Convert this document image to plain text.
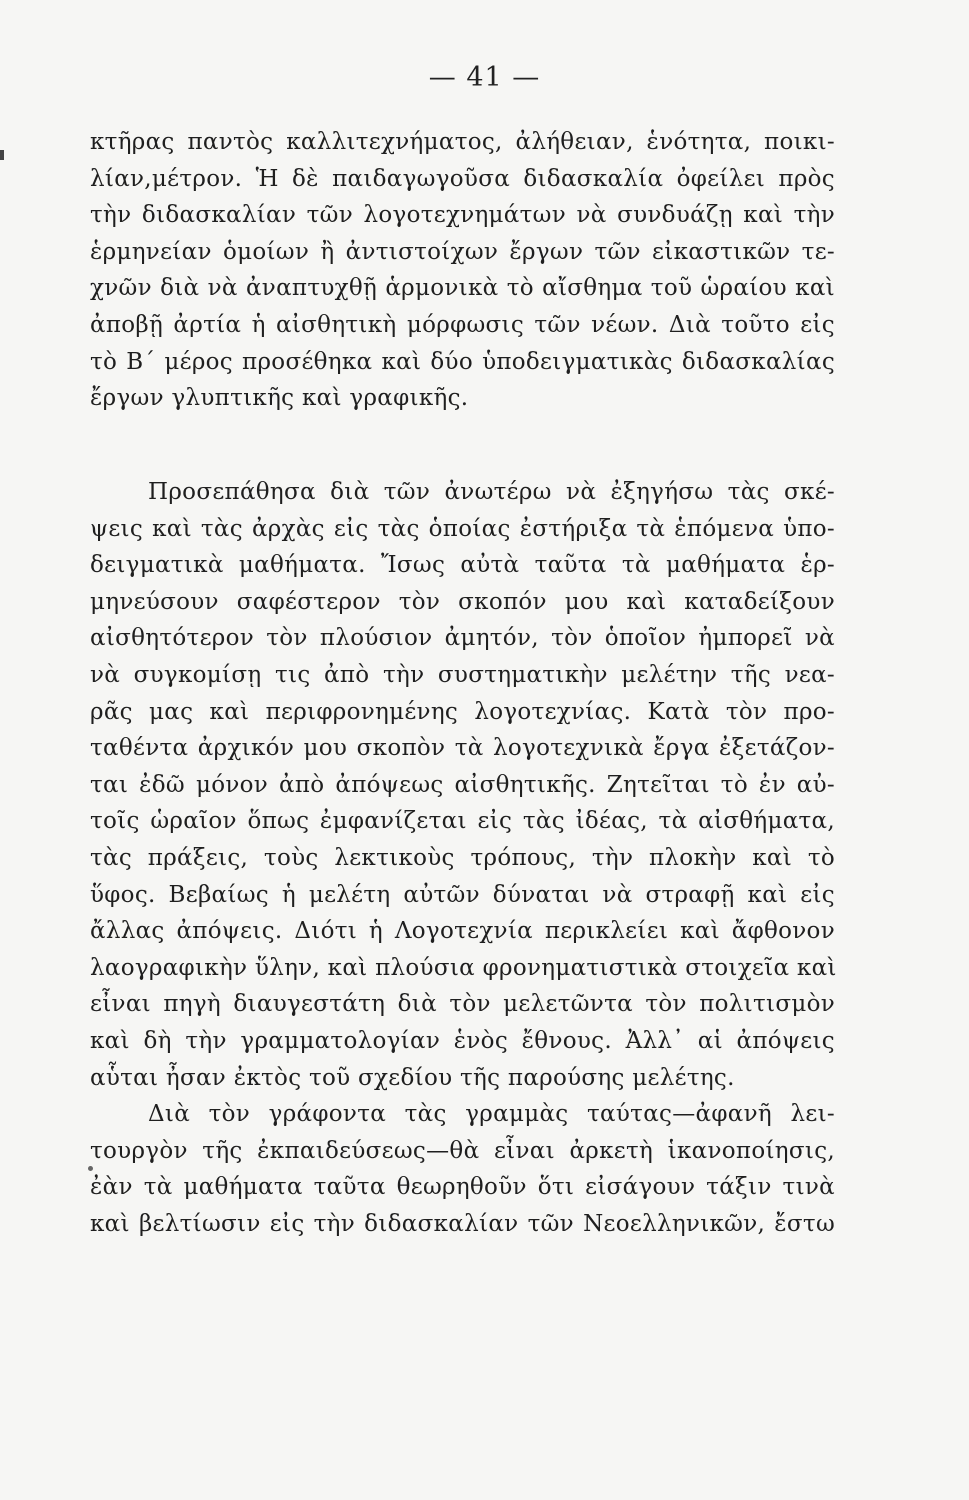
— 41 —
κτῆρας παντὸς καλλιτεχνήματος, ἀλήθειαν, ἑνότητα, ποικι-
λίαν,μέτρον. Ἡ δὲ παιδαγωγοῦσα διδασκαλία ὀφείλει πρὸς
τὴν διδασκαλίαν τῶν λογοτεχνημάτων νὰ συνδυάζῃ καὶ τὴν
ἑρμηνείαν ὁμοίων ἢ ἀντιστοίχων ἔργων τῶν εἰκαστικῶν τε-
χνῶν διὰ νὰ ἀναπτυχθῇ ἁρμονικὰ τὸ αἴσθημα τοῦ ὡραίου καὶ
ἀποβῇ ἀρτία ἡ αἰσθητικὴ μόρφωσις τῶν νέων. Διὰ τοῦτο εἰς
τὸ Β΄ μέρος προσέθηκα καὶ δύο ὑποδειγματικὰς διδασκαλίας
ἔργων γλυπτικῆς καὶ γραφικῆς.
Προσεπάθησα διὰ τῶν ἀνωτέρω νὰ ἐξηγήσω τὰς σκέ-
ψεις καὶ τὰς ἀρχὰς εἰς τὰς ὁποίας ἐστήριξα τὰ ἑπόμενα ὑπο-
δειγματικὰ μαθήματα. Ἴσως αὐτὰ ταῦτα τὰ μαθήματα ἑρ-
μηνεύσουν σαφέστερον τὸν σκοπόν μου καὶ καταδείξουν
αἰσθητότερον τὸν πλούσιον ἀμητόν, τὸν ὁποῖον ἠμπορεῖ νὰ
νὰ συγκομίσῃ τις ἀπὸ τὴν συστηματικὴν μελέτην τῆς νεα-
ρᾶς μας καὶ περιφρονημένης λογοτεχνίας. Κατὰ τὸν προ-
ταθέντα ἀρχικόν μου σκοπὸν τὰ λογοτεχνικὰ ἔργα ἐξετάζον-
ται ἐδῶ μόνον ἀπὸ ἀπόψεως αἰσθητικῆς. Ζητεῖται τὸ ἐν αὐ-
τοῖς ὡραῖον ὅπως ἐμφανίζεται εἰς τὰς ἰδέας, τὰ αἰσθήματα,
τὰς πράξεις, τοὺς λεκτικοὺς τρόπους, τὴν πλοκὴν καὶ τὸ
ὕφος. Βεβαίως ἡ μελέτη αὐτῶν δύναται νὰ στραφῇ καὶ εἰς
ἄλλας ἀπόψεις. Διότι ἡ Λογοτεχνία περικλείει καὶ ἄφθονον
λαογραφικὴν ὕλην, καὶ πλούσια φρονηματιστικὰ στοιχεῖα καὶ
εἶναι πηγὴ διαυγεστάτη διὰ τὸν μελετῶντα τὸν πολιτισμὸν
καὶ δὴ τὴν γραμματολογίαν ἑνὸς ἔθνους. Ἀλλ᾽ αἱ ἀπόψεις
αὗται ἦσαν ἐκτὸς τοῦ σχεδίου τῆς παρούσης μελέτης.
Διὰ τὸν γράφοντα τὰς γραμμὰς ταύτας—ἀφανῆ λει-
τουργὸν τῆς ἐκπαιδεύσεως—θὰ εἶναι ἀρκετὴ ἱκανοποίησις,
ἐὰν τὰ μαθήματα ταῦτα θεωρηθοῦν ὅτι εἰσάγουν τάξιν τινὰ
καὶ βελτίωσιν εἰς τὴν διδασκαλίαν τῶν Νεοελληνικῶν, ἔστω
